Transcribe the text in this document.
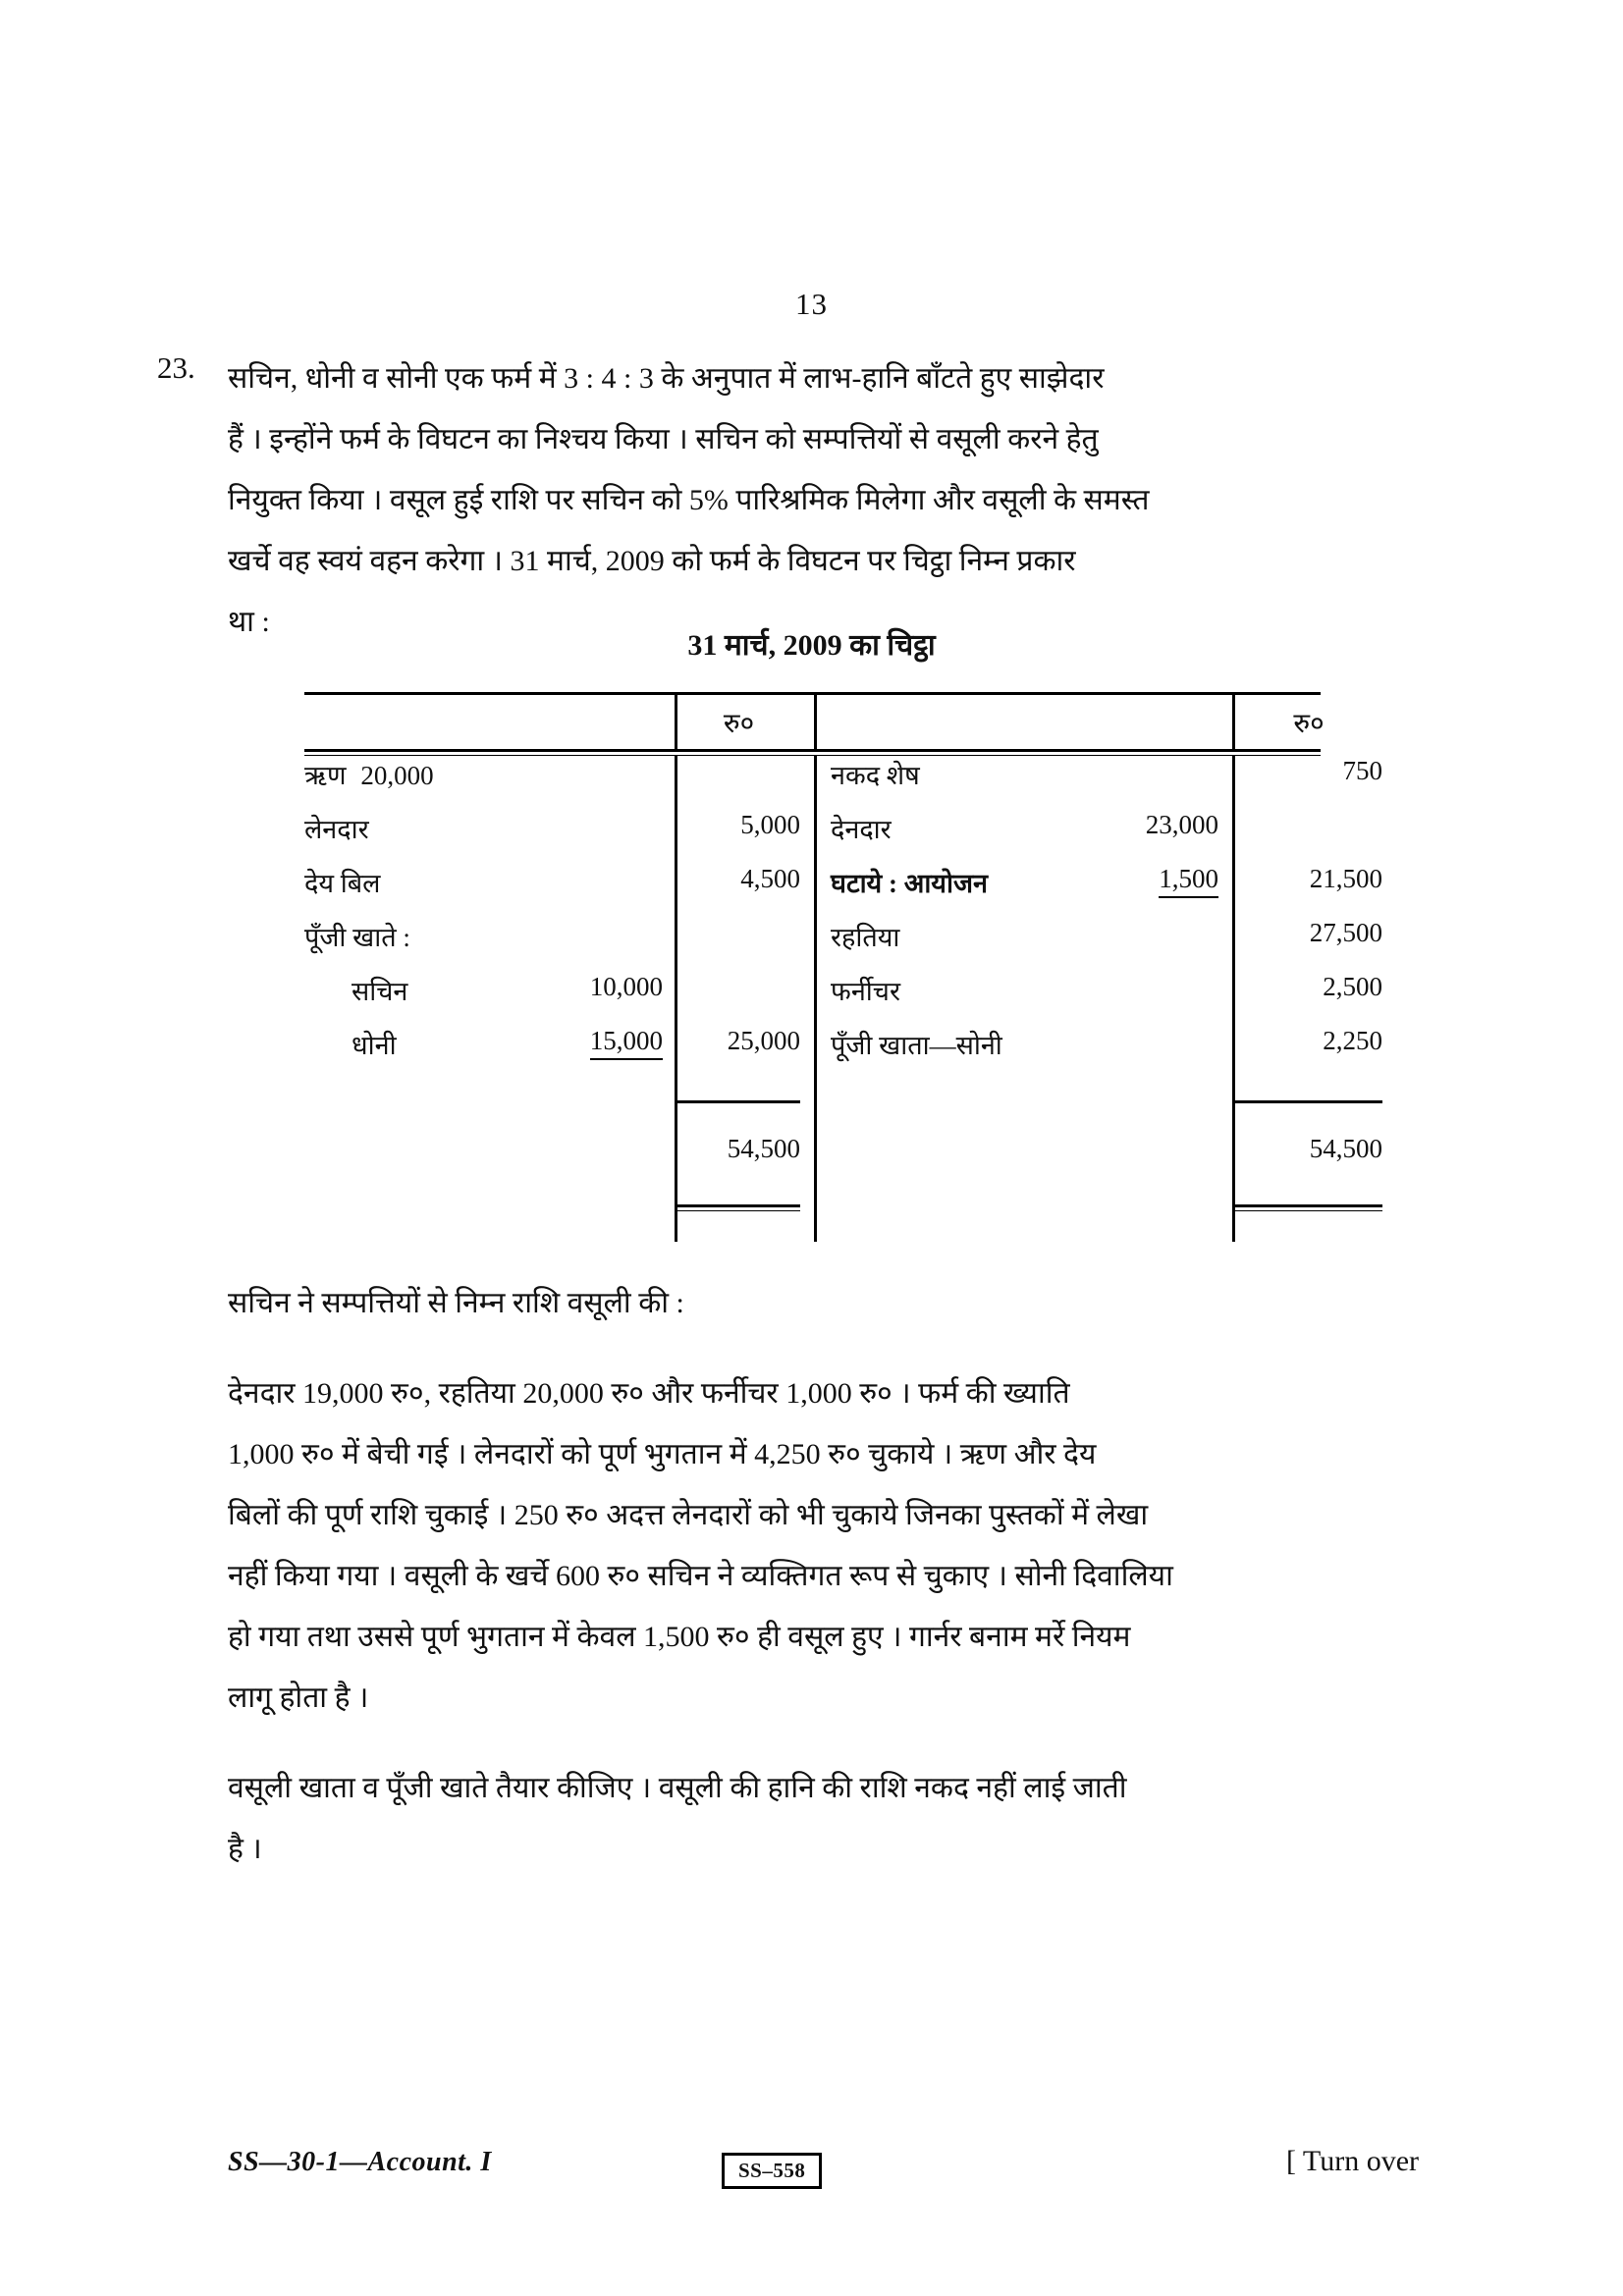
13
23. सचिन, धोनी व सोनी एक फर्म में 3 : 4 : 3 के अनुपात में लाभ-हानि बाँटते हुए साझेदार
हैं । इन्होंने फर्म के विघटन का निश्चय किया । सचिन को सम्पत्तियों से वसूली करने हेतु
नियुक्त किया । वसूल हुई राशि पर सचिन को 5% पारिश्रमिक मिलेगा और वसूली के समस्त
खर्चे वह स्वयं वहन करेगा । 31 मार्च, 2009 को फर्म के विघटन पर चिट्ठा निम्न प्रकार
था :
31 मार्च, 2009 का चिट्ठा
		रु०			रु०
ऋण 20,000			नकद शेष		750
लेनदार		5,000	देनदार	23,000	
देय बिल		4,500	घटाये : आयोजन	1,500	21,500
पूँजी खाते :			रहतिया		27,500
सचिन	10,000		फर्नीचर		2,500
धोनी	15,000	25,000	पूँजी खाता—सोनी		2,250

		54,500			54,500

सचिन ने सम्पत्तियों से निम्न राशि वसूली की :
देनदार 19,000 रु०, रहतिया 20,000 रु० और फर्नीचर 1,000 रु० । फर्म की ख्याति
1,000 रु० में बेची गई । लेनदारों को पूर्ण भुगतान में 4,250 रु० चुकाये । ऋण और देय
बिलों की पूर्ण राशि चुकाई । 250 रु० अदत्त लेनदारों को भी चुकाये जिनका पुस्तकों में लेखा
नहीं किया गया । वसूली के खर्चे 600 रु० सचिन ने व्यक्तिगत रूप से चुकाए । सोनी दिवालिया
हो गया तथा उससे पूर्ण भुगतान में केवल 1,500 रु० ही वसूल हुए । गार्नर बनाम मर्रे नियम
लागू होता है ।
वसूली खाता व पूँजी खाते तैयार कीजिए । वसूली की हानि की राशि नकद नहीं लाई जाती
है ।
SS—30-1—Account. I	SS–558	[ Turn over
